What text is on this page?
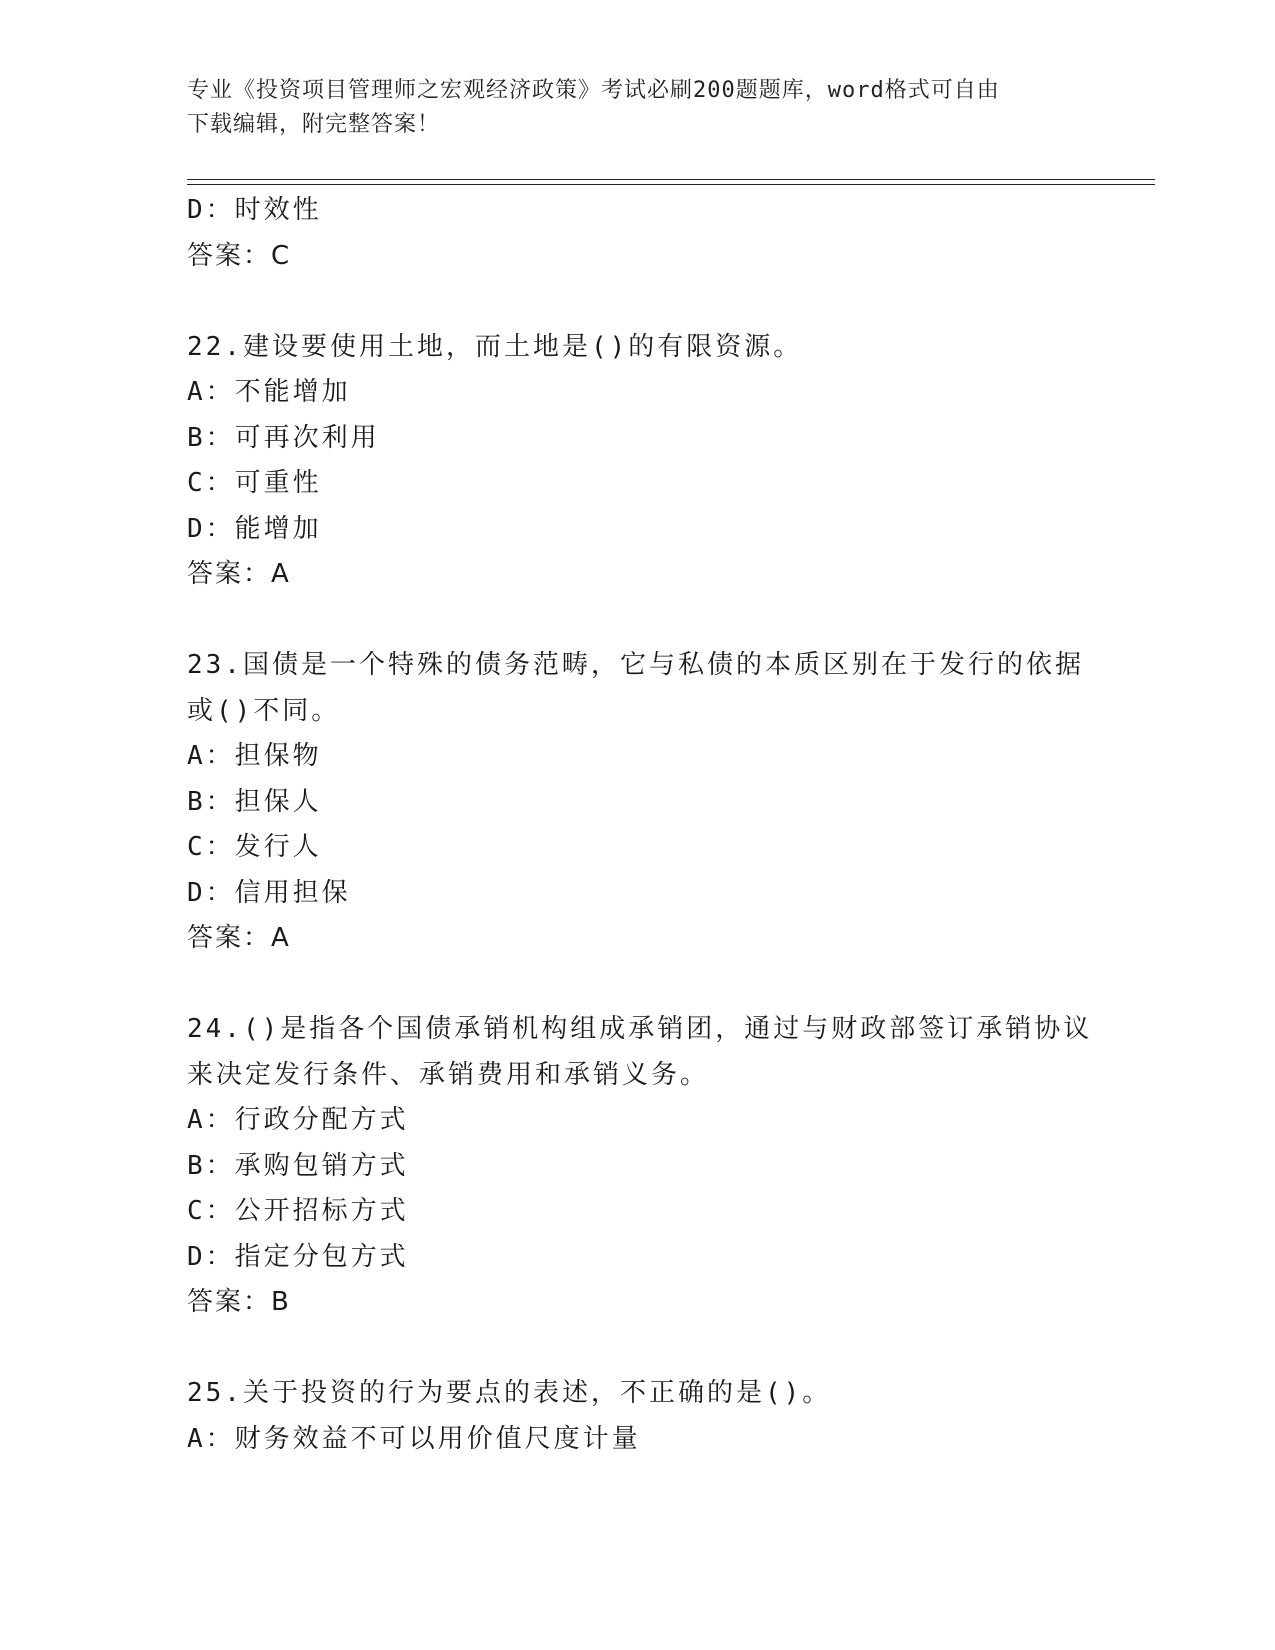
专业《投资项目管理师之宏观经济政策》考试必刷200题题库，word格式可自由
下载编辑，附完整答案！
D：时效性
答案：C
22.建设要使用土地，而土地是()的有限资源。
A：不能增加
B：可再次利用
C：可重性
D：能增加
答案：A
23.国债是一个特殊的债务范畴，它与私债的本质区别在于发行的依据
或()不同。
A：担保物
B：担保人
C：发行人
D：信用担保
答案：A
24.()是指各个国债承销机构组成承销团，通过与财政部签订承销协议
来决定发行条件、承销费用和承销义务。
A：行政分配方式
B：承购包销方式
C：公开招标方式
D：指定分包方式
答案：B
25.关于投资的行为要点的表述，不正确的是()。
A：财务效益不可以用价值尺度计量
